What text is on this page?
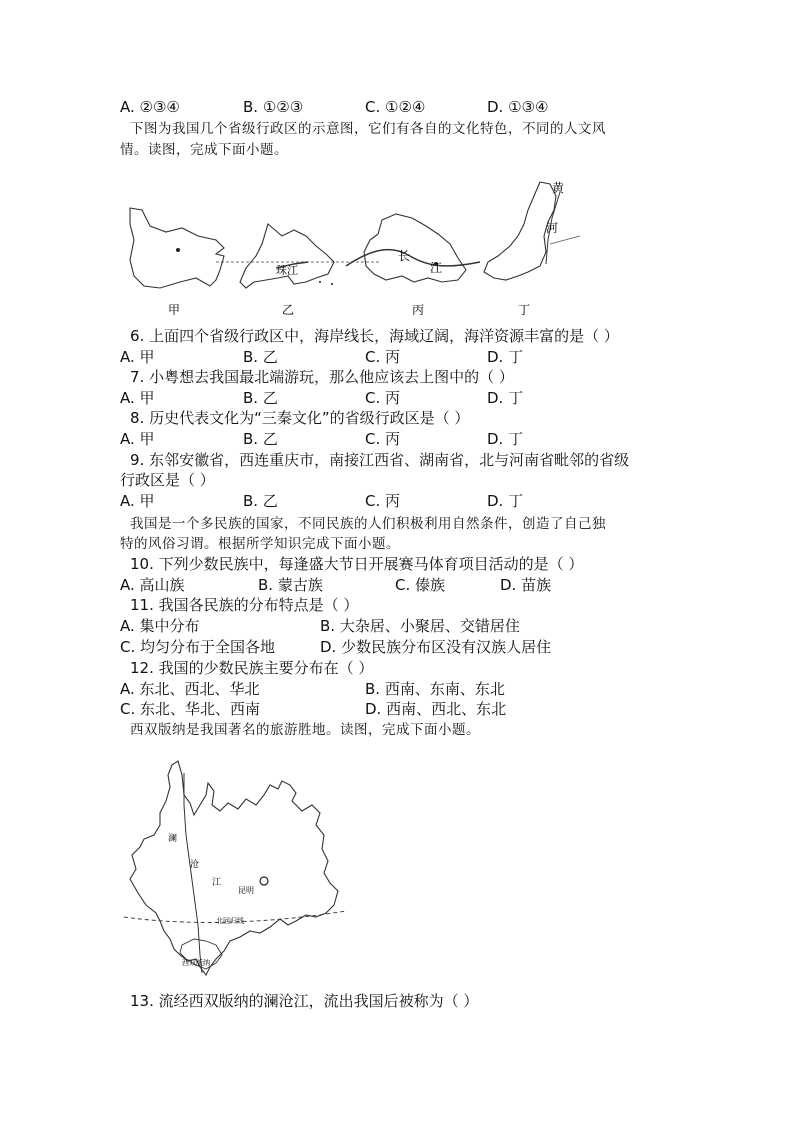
A. ②③④	B. ①②③	C. ①②④	D. ①③④
下图为我国几个省级行政区的示意图，它们有各自的文化特色，不同的人文风
情。读图，完成下面小题。
甲	乙	丙	丁
珠江
长
江
黄
河
6. 上面四个省级行政区中，海岸线长，海域辽阔，海洋资源丰富的是（ ）
A. 甲	B. 乙	C. 丙	D. 丁
7. 小粤想去我国最北端游玩，那么他应该去上图中的（ ）
A. 甲	B. 乙	C. 丙	D. 丁
8. 历史代表文化为“三秦文化”的省级行政区是（ ）
A. 甲	B. 乙	C. 丙	D. 丁
9. 东邻安徽省，西连重庆市，南接江西省、湖南省，北与河南省毗邻的省级
行政区是（ ）
A. 甲	B. 乙	C. 丙	D. 丁
我国是一个多民族的国家，不同民族的人们积极利用自然条件，创造了自己独
特的风俗习谓。根据所学知识完成下面小题。
10. 下列少数民族中，每逢盛大节日开展赛马体育项目活动的是（ ）
A. 高山族	B. 蒙古族	C. 傣族	D. 苗族
11. 我国各民族的分布特点是（ ）
A. 集中分布	B. 大杂居、小聚居、交错居住
C. 均匀分布于全国各地	D. 少数民族分布区没有汉族人居住
12. 我国的少数民族主要分布在（ ）
A. 东北、西北、华北	B. 西南、东南、东北
C. 东北、华北、西南	D. 西南、西北、东北
西双版纳是我国著名的旅游胜地。读图，完成下面小题。
澜
沧
江
昆明
北回归线
西双版纳
13. 流经西双版纳的澜沧江，流出我国后被称为（ ）
